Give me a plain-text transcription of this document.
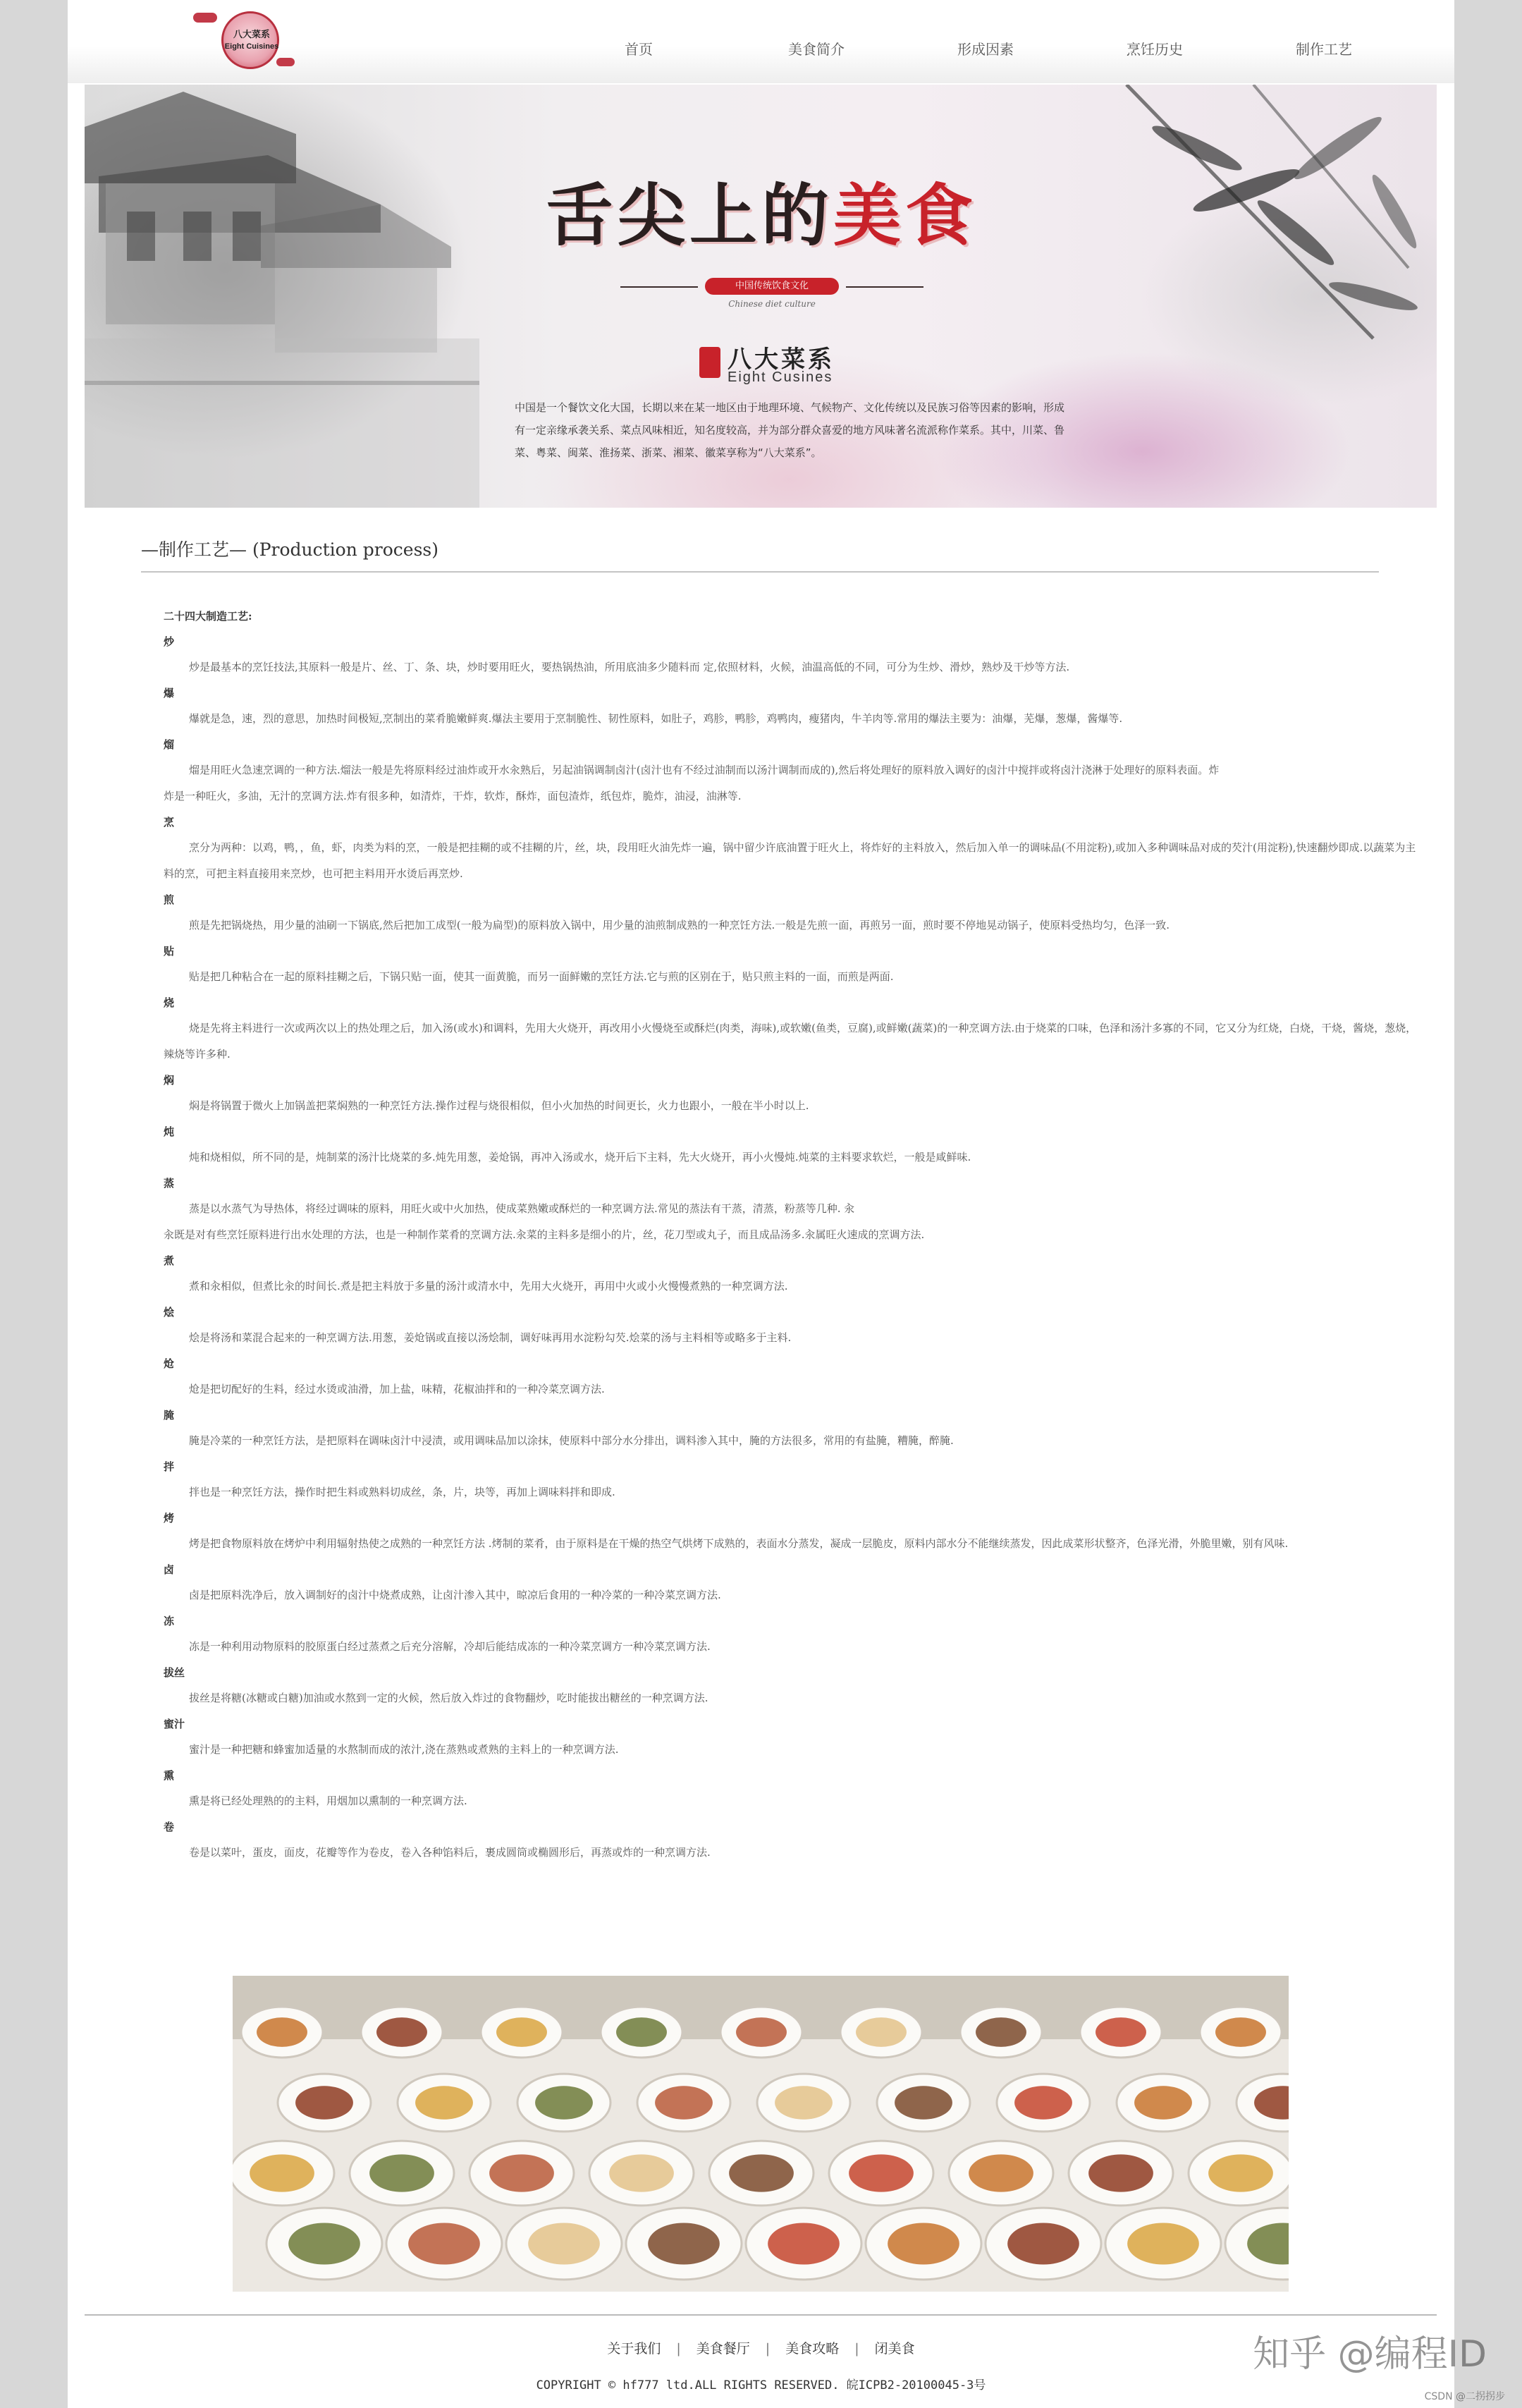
八大菜系
Eight Cuisines	首页	美食简介	形成因素	烹饪历史	制作工艺
舌尖上的美食
中国传统饮食文化
Chinese diet culture
八大菜系
Eight Cusines
中国是一个餐饮文化大国，长期以来在某一地区由于地理环境、气候物产、文化传统以及民族习俗等因素的影响，形成有一定亲缘承袭关系、菜点风味相近，知名度较高，并为部分群众喜爱的地方风味著名流派称作菜系。其中，川菜、鲁菜、粤菜、闽菜、淮扬菜、浙菜、湘菜、徽菜享称为“八大菜系”。
—制作工艺— (Production process)

二十四大制造工艺:

炒

炒是最基本的烹饪技法,其原料一般是片、丝、丁、条、块，炒时要用旺火，要热锅热油，所用底油多少随料而 定,依照材料，火候，油温高低的不同，可分为生炒、滑炒，熟炒及干炒等方法.

爆

爆就是急，速，烈的意思，加热时间极短,烹制出的菜肴脆嫩鲜爽.爆法主要用于烹制脆性、韧性原料，如肚子，鸡胗，鸭胗，鸡鸭肉，瘦猪肉，牛羊肉等.常用的爆法主要为：油爆，芜爆，葱爆，酱爆等.

熘

熘是用旺火急速烹调的一种方法.熘法一般是先将原料经过油炸或开水汆熟后，另起油锅调制卤汁(卤汁也有不经过油制而以汤汁调制而成的),然后将处理好的原料放入调好的卤汁中搅拌或将卤汁浇淋于处理好的原料表面。炸

炸是一种旺火，多油，无汁的烹调方法.炸有很多种，如清炸，干炸，软炸，酥炸，面包渣炸，纸包炸，脆炸，油浸，油淋等.

烹

烹分为两种：以鸡，鸭，，鱼，虾，肉类为料的烹，一般是把挂糊的或不挂糊的片，丝，块，段用旺火油先炸一遍，锅中留少许底油置于旺火上，将炸好的主料放入，然后加入单一的调味品(不用淀粉),或加入多种调味品对成的芡汁(用淀粉),快速翻炒即成.以蔬菜为主料的烹，可把主料直接用来烹炒，也可把主料用开水烫后再烹炒.

煎

煎是先把锅烧热，用少量的油刷一下锅底,然后把加工成型(一般为扁型)的原料放入锅中，用少量的油煎制成熟的一种烹饪方法.一般是先煎一面，再煎另一面，煎时要不停地晃动锅子，使原料受热均匀，色泽一致.

贴

贴是把几种粘合在一起的原料挂糊之后，下锅只贴一面，使其一面黄脆，而另一面鲜嫩的烹饪方法.它与煎的区别在于，贴只煎主料的一面，而煎是两面.

烧

烧是先将主料进行一次或两次以上的热处理之后，加入汤(或水)和调料，先用大火烧开，再改用小火慢烧至或酥烂(肉类，海味),或软嫩(鱼类，豆腐),或鲜嫩(蔬菜)的一种烹调方法.由于烧菜的口味，色泽和汤汁多寡的不同，它又分为红烧，白烧，干烧，酱烧，葱烧，辣烧等许多种.

焖

焖是将锅置于微火上加锅盖把菜焖熟的一种烹饪方法.操作过程与烧很相似，但小火加热的时间更长，火力也跟小，一般在半小时以上.

炖

炖和烧相似，所不同的是，炖制菜的汤汁比烧菜的多.炖先用葱，姜炝锅，再冲入汤或水，烧开后下主料，先大火烧开，再小火慢炖.炖菜的主料要求软烂，一般是咸鲜味.

蒸

蒸是以水蒸气为导热体，将经过调味的原料，用旺火或中火加热，使成菜熟嫩或酥烂的一种烹调方法.常见的蒸法有干蒸，清蒸，粉蒸等几种. 汆

汆既是对有些烹饪原料进行出水处理的方法，也是一种制作菜肴的烹调方法.汆菜的主料多是细小的片，丝，花刀型或丸子，而且成品汤多.汆属旺火速成的烹调方法.

煮

煮和汆相似，但煮比汆的时间长.煮是把主料放于多量的汤汁或清水中，先用大火烧开，再用中火或小火慢慢煮熟的一种烹调方法.

烩

烩是将汤和菜混合起来的一种烹调方法.用葱，姜炝锅或直接以汤烩制，调好味再用水淀粉勾芡.烩菜的汤与主料相等或略多于主料.

炝

炝是把切配好的生料，经过水烫或油滑，加上盐，味精，花椒油拌和的一种冷菜烹调方法.

腌

腌是冷菜的一种烹饪方法，是把原料在调味卤汁中浸渍，或用调味品加以涂抹，使原料中部分水分排出，调料渗入其中，腌的方法很多，常用的有盐腌，糟腌，醉腌.

拌

拌也是一种烹饪方法，操作时把生料或熟料切成丝，条，片，块等，再加上调味料拌和即成.

烤

烤是把食物原料放在烤炉中利用辐射热使之成熟的一种烹饪方法 .烤制的菜肴，由于原料是在干燥的热空气烘烤下成熟的，表面水分蒸发，凝成一层脆皮，原料内部水分不能继续蒸发，因此成菜形状整齐，色泽光滑，外脆里嫩，别有风味.

卤

卤是把原料洗净后，放入调制好的卤汁中烧煮成熟，让卤汁渗入其中，晾凉后食用的一种冷菜的一种冷菜烹调方法.

冻

冻是一种利用动物原料的胶原蛋白经过蒸煮之后充分溶解，冷却后能结成冻的一种冷菜烹调方一种冷菜烹调方法.

拔丝

拔丝是将糖(冰糖或白糖)加油或水熬到一定的火候，然后放入炸过的食物翻炒，吃时能拔出糖丝的一种烹调方法.

蜜汁

蜜汁是一种把糖和蜂蜜加适量的水熬制而成的浓汁,浇在蒸熟或煮熟的主料上的一种烹调方法.

熏

熏是将已经处理熟的的主料，用烟加以熏制的一种烹调方法.

卷

卷是以菜叶，蛋皮，面皮，花瓣等作为卷皮，卷入各种馅料后，裹成圆筒或椭圆形后，再蒸或炸的一种烹调方法.

关于我们 | 美食餐厅 | 美食攻略 | 闭美食
COPYRIGHT © hf777 ltd.ALL RIGHTS RESERVED. 皖ICPB2-20100045-3号
知乎 @编程ID
CSDN @二拐拐步
